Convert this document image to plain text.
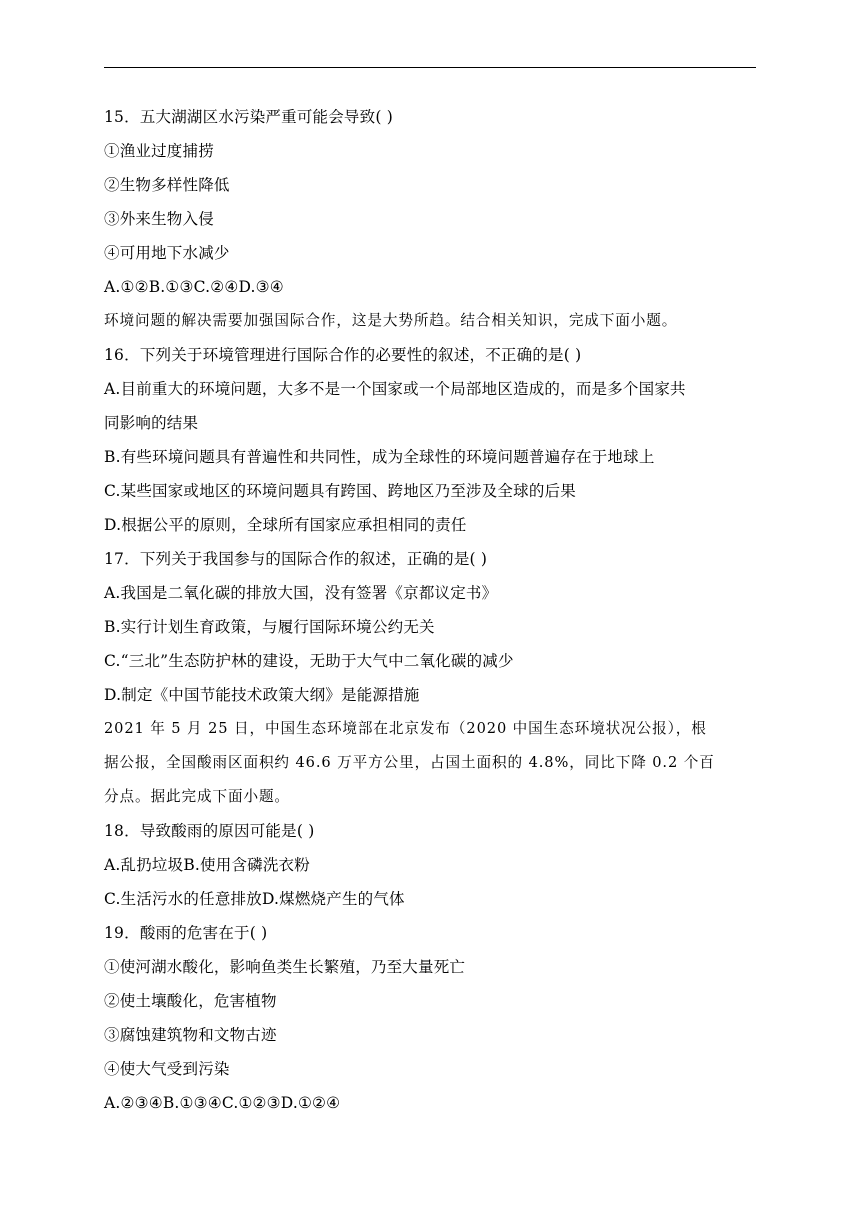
15．五大湖湖区水污染严重可能会导致( )
①渔业过度捕捞
②生物多样性降低
③外来生物入侵
④可用地下水减少
A.①②B.①③C.②④D.③④
环境问题的解决需要加强国际合作，这是大势所趋。结合相关知识，完成下面小题。
16．下列关于环境管理进行国际合作的必要性的叙述，不正确的是( )
A.目前重大的环境问题，大多不是一个国家或一个局部地区造成的，而是多个国家共
同影响的结果
B.有些环境问题具有普遍性和共同性，成为全球性的环境问题普遍存在于地球上
C.某些国家或地区的环境问题具有跨国、跨地区乃至涉及全球的后果
D.根据公平的原则，全球所有国家应承担相同的责任
17．下列关于我国参与的国际合作的叙述，正确的是( )
A.我国是二氧化碳的排放大国，没有签署《京都议定书》
B.实行计划生育政策，与履行国际环境公约无关
C.“三北”生态防护林的建设，无助于大气中二氧化碳的减少
D.制定《中国节能技术政策大纲》是能源措施
2021 年 5 月 25 日，中国生态环境部在北京发布（2020 中国生态环境状况公报），根
据公报，全国酸雨区面积约 46.6 万平方公里，占国土面积的 4.8%，同比下降 0.2 个百
分点。据此完成下面小题。
18．导致酸雨的原因可能是( )
A.乱扔垃圾B.使用含磷洗衣粉
C.生活污水的任意排放D.煤燃烧产生的气体
19．酸雨的危害在于( )
①使河湖水酸化，影响鱼类生长繁殖，乃至大量死亡
②使土壤酸化，危害植物
③腐蚀建筑物和文物古迹
④使大气受到污染
A.②③④B.①③④C.①②③D.①②④
